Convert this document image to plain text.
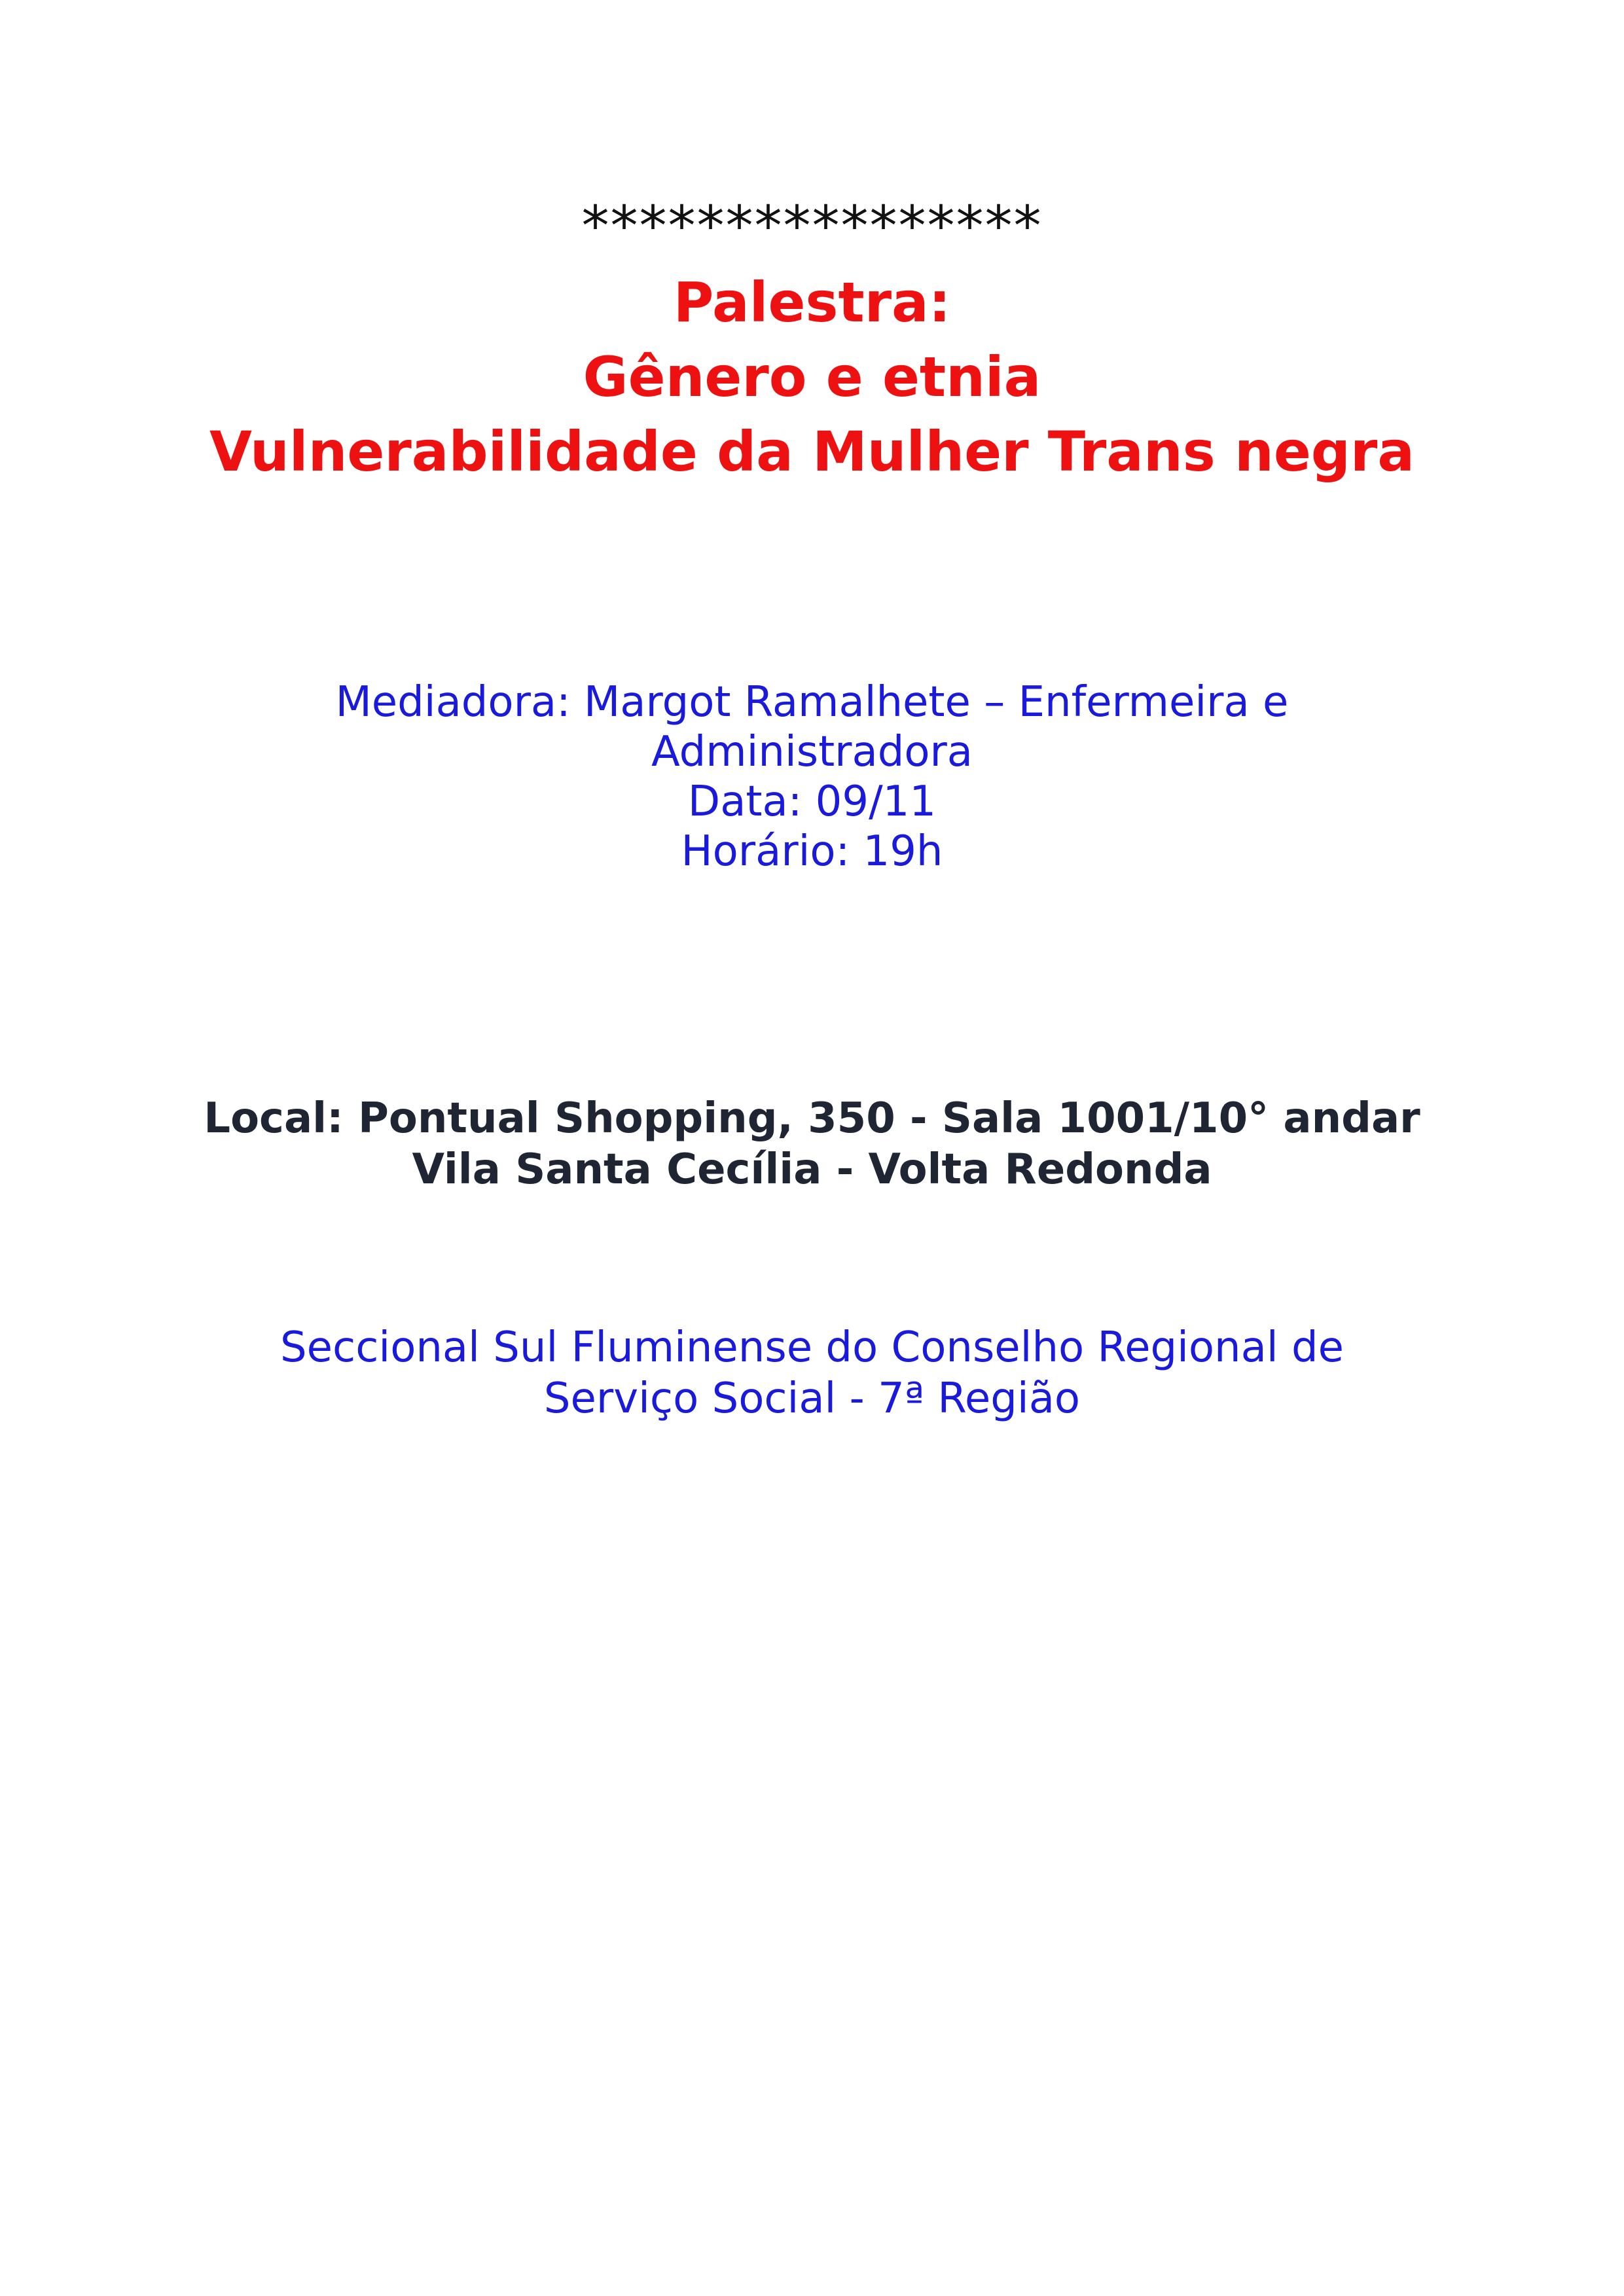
****************
Palestra:
Gênero e etnia
Vulnerabilidade da Mulher Trans negra
Mediadora: Margot Ramalhete – Enfermeira e
Administradora
Data: 09/11
Horário: 19h
Local: Pontual Shopping, 350 - Sala 1001/10° andar
Vila Santa Cecília - Volta Redonda
Seccional Sul Fluminense do Conselho Regional de
Serviço Social - 7ª Região
